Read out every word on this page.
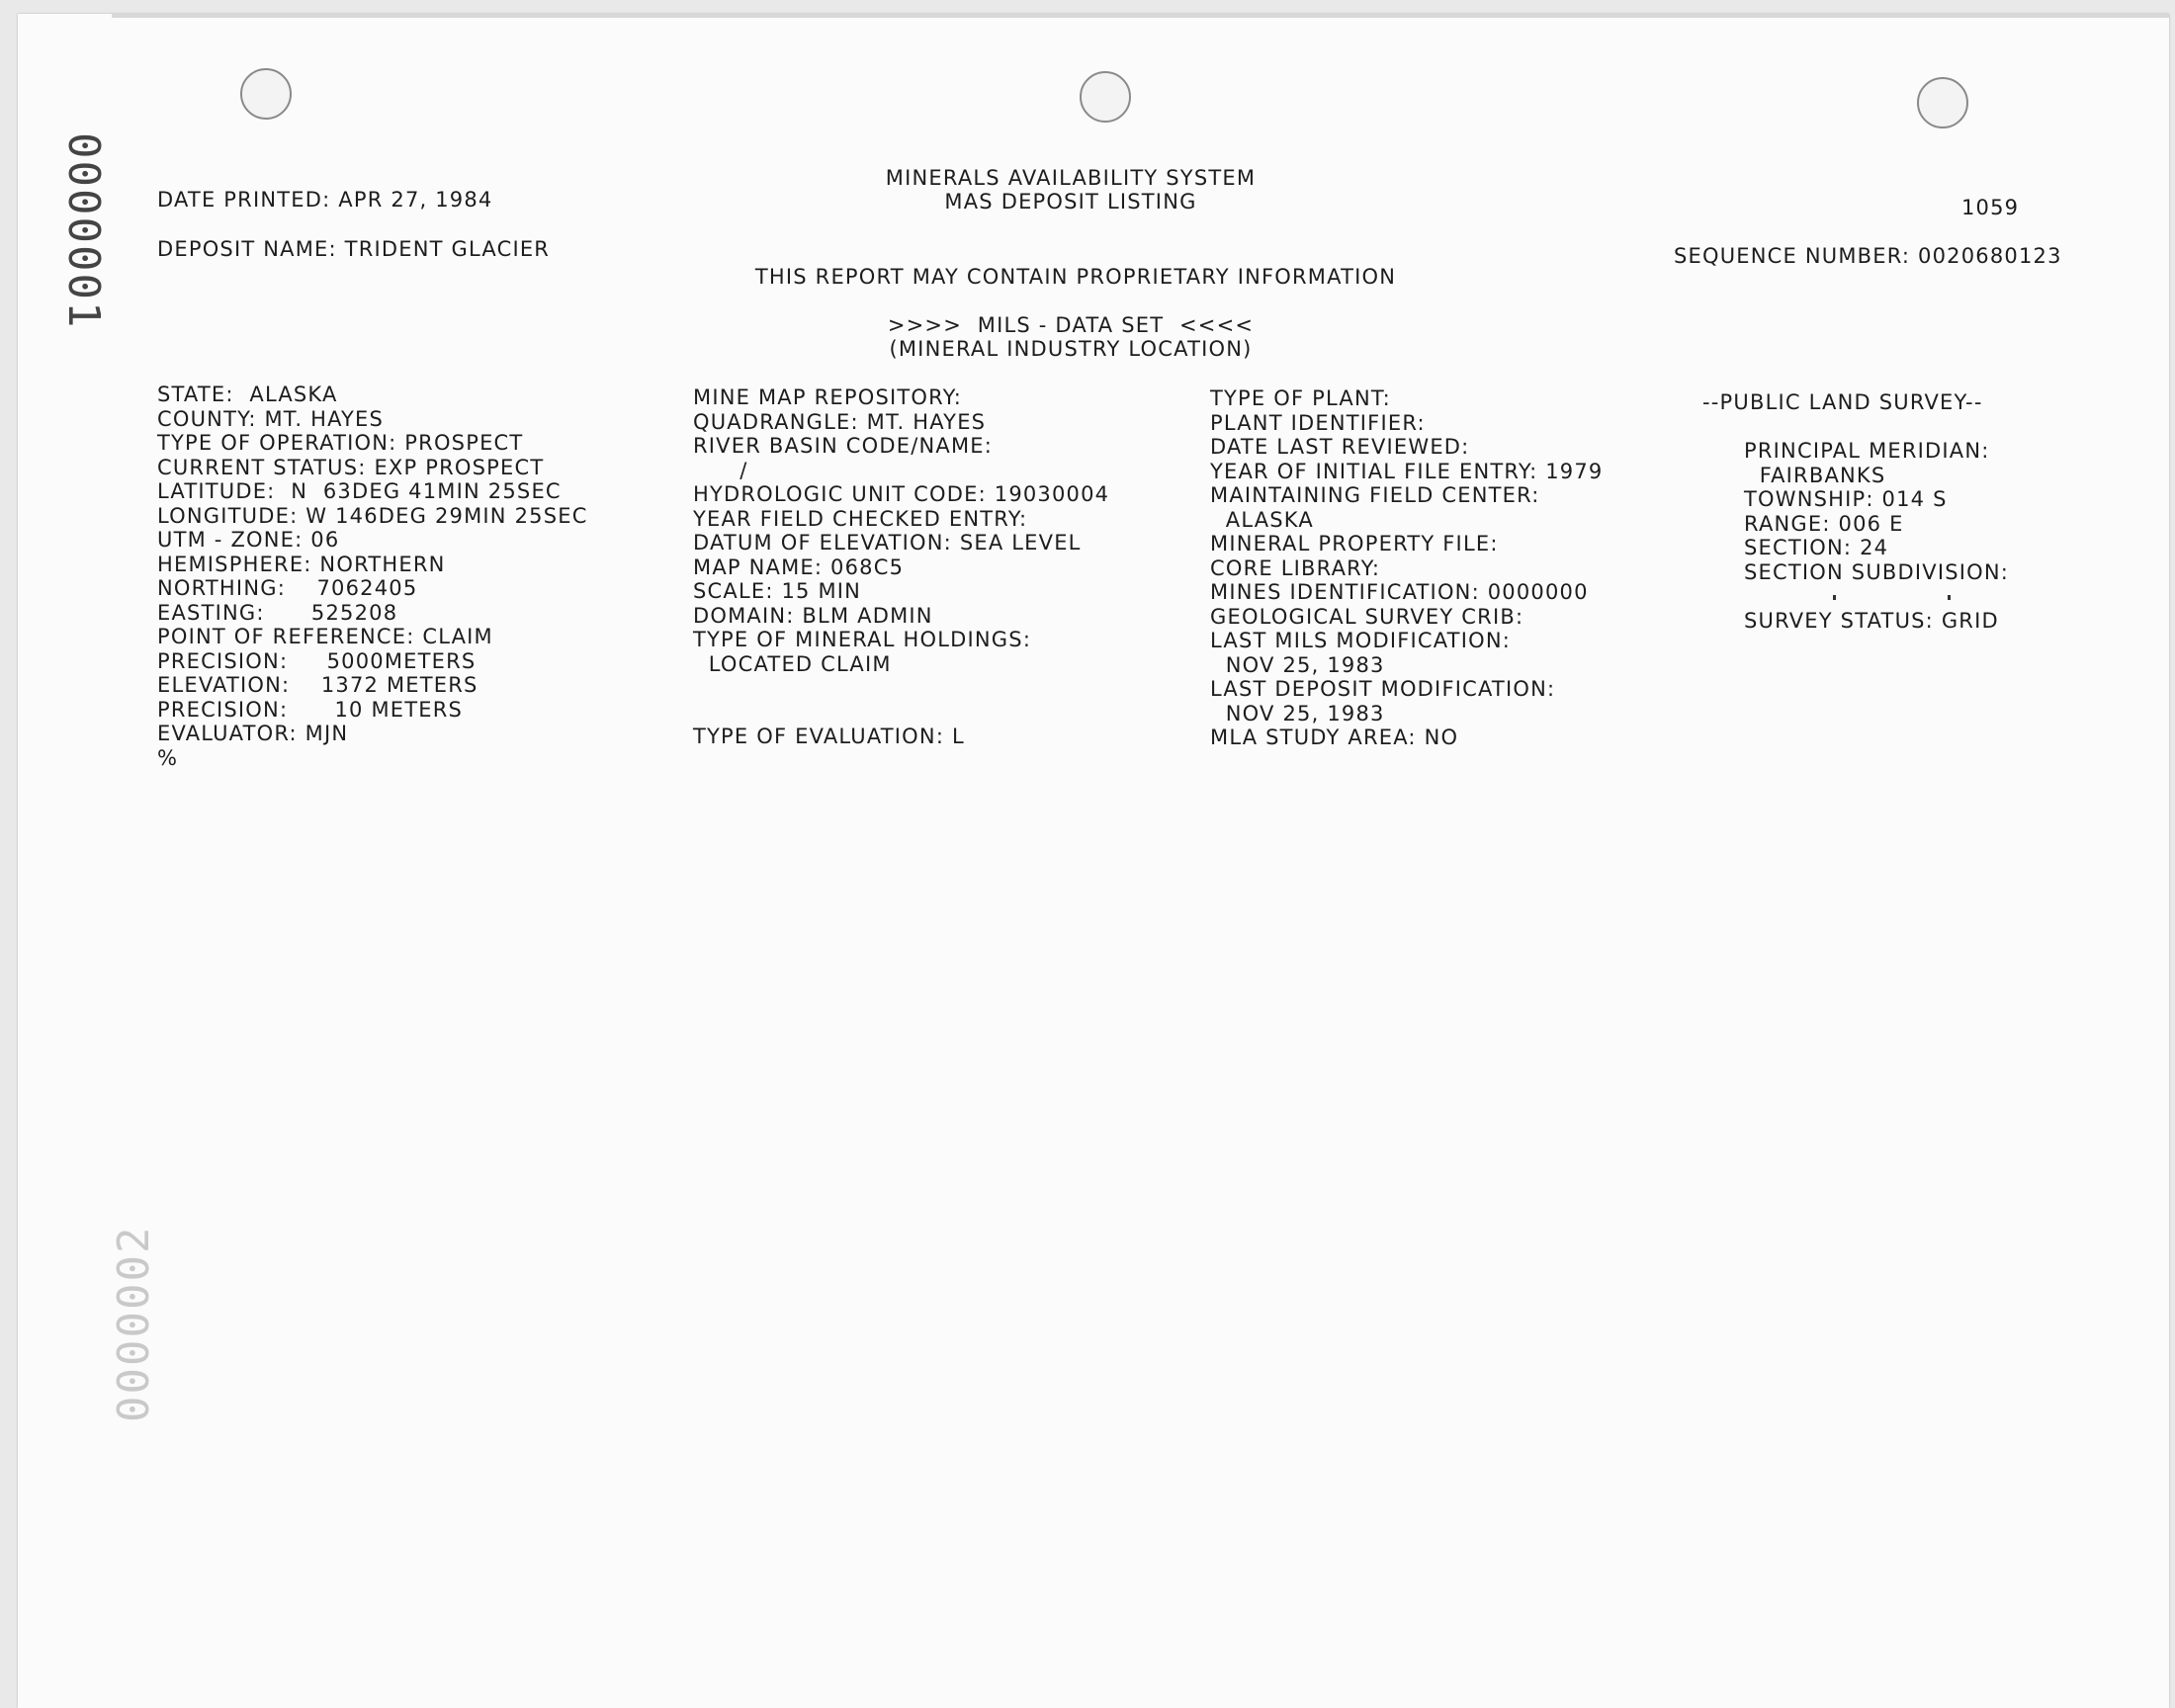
0000001
0000002
DATE PRINTED: APR 27, 1984
DEPOSIT NAME: TRIDENT GLACIER
MINERALS AVAILABILITY SYSTEM
MAS DEPOSIT LISTING	1059
SEQUENCE NUMBER: 0020680123
THIS REPORT MAY CONTAIN PROPRIETARY INFORMATION
>>>>  MILS - DATA SET  <<<<
(MINERAL INDUSTRY LOCATION)
STATE:  ALASKA
COUNTY: MT. HAYES
TYPE OF OPERATION: PROSPECT
CURRENT STATUS: EXP PROSPECT
LATITUDE:  N  63DEG 41MIN 25SEC
LONGITUDE: W 146DEG 29MIN 25SEC
UTM - ZONE: 06
HEMISPHERE: NORTHERN
NORTHING:    7062405
EASTING:      525208
POINT OF REFERENCE: CLAIM
PRECISION:     5000METERS
ELEVATION:    1372 METERS
PRECISION:      10 METERS
EVALUATOR: MJN
%
MINE MAP REPOSITORY:
QUADRANGLE: MT. HAYES
RIVER BASIN CODE/NAME:
/
HYDROLOGIC UNIT CODE: 19030004
YEAR FIELD CHECKED ENTRY:
DATUM OF ELEVATION: SEA LEVEL
MAP NAME: 068C5
SCALE: 15 MIN
DOMAIN: BLM ADMIN
TYPE OF MINERAL HOLDINGS:
LOCATED CLAIM
TYPE OF EVALUATION: L
TYPE OF PLANT:
PLANT IDENTIFIER:
DATE LAST REVIEWED:
YEAR OF INITIAL FILE ENTRY: 1979
MAINTAINING FIELD CENTER:
ALASKA
MINERAL PROPERTY FILE:
CORE LIBRARY:
MINES IDENTIFICATION: 0000000
GEOLOGICAL SURVEY CRIB:
LAST MILS MODIFICATION:
NOV 25, 1983
LAST DEPOSIT MODIFICATION:
NOV 25, 1983
MLA STUDY AREA: NO
--PUBLIC LAND SURVEY--
PRINCIPAL MERIDIAN:
FAIRBANKS
TOWNSHIP: 014 S
RANGE: 006 E
SECTION: 24
SECTION SUBDIVISION:
SURVEY STATUS: GRID
